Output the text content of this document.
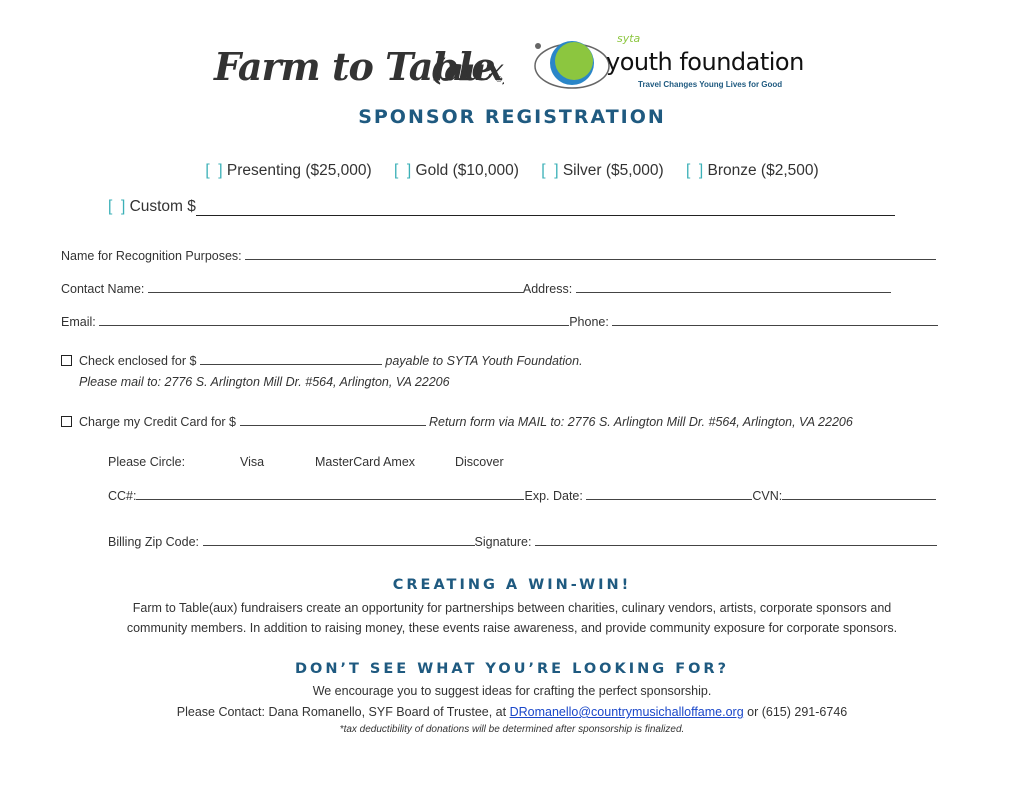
Farm to Table
(aux
®
syta
youth foundation
Travel Changes Young Lives for Good
SPONSOR REGISTRATION
[ ] Presenting ($25,000) [ ] Gold ($10,000) [ ] Silver ($5,000) [ ] Bronze ($2,500)
[ ] Custom $
Name for Recognition Purposes:
Contact Name:	Address:
Email:	Phone:
Check enclosed for $	payable to SYTA Youth Foundation.
Please mail to: 2776 S. Arlington Mill Dr. #564, Arlington, VA 22206
Charge my Credit Card for $	Return form via MAIL to: 2776 S. Arlington Mill Dr. #564, Arlington, VA 22206
Please Circle:	Visa	MasterCard Amex	Discover
CC#:	Exp. Date:	CVN:
Billing Zip Code:	Signature:
CREATING A WIN-WIN!
Farm to Table(aux) fundraisers create an opportunity for partnerships between charities, culinary vendors, artists, corporate sponsors and
community members. In addition to raising money, these events raise awareness, and provide community exposure for corporate sponsors.
DON’T SEE WHAT YOU’RE LOOKING FOR?
We encourage you to suggest ideas for crafting the perfect sponsorship.
Please Contact: Dana Romanello, SYF Board of Trustee, at DRomanello@countrymusichalloffame.org or (615) 291-6746
*tax deductibility of donations will be determined after sponsorship is finalized.
